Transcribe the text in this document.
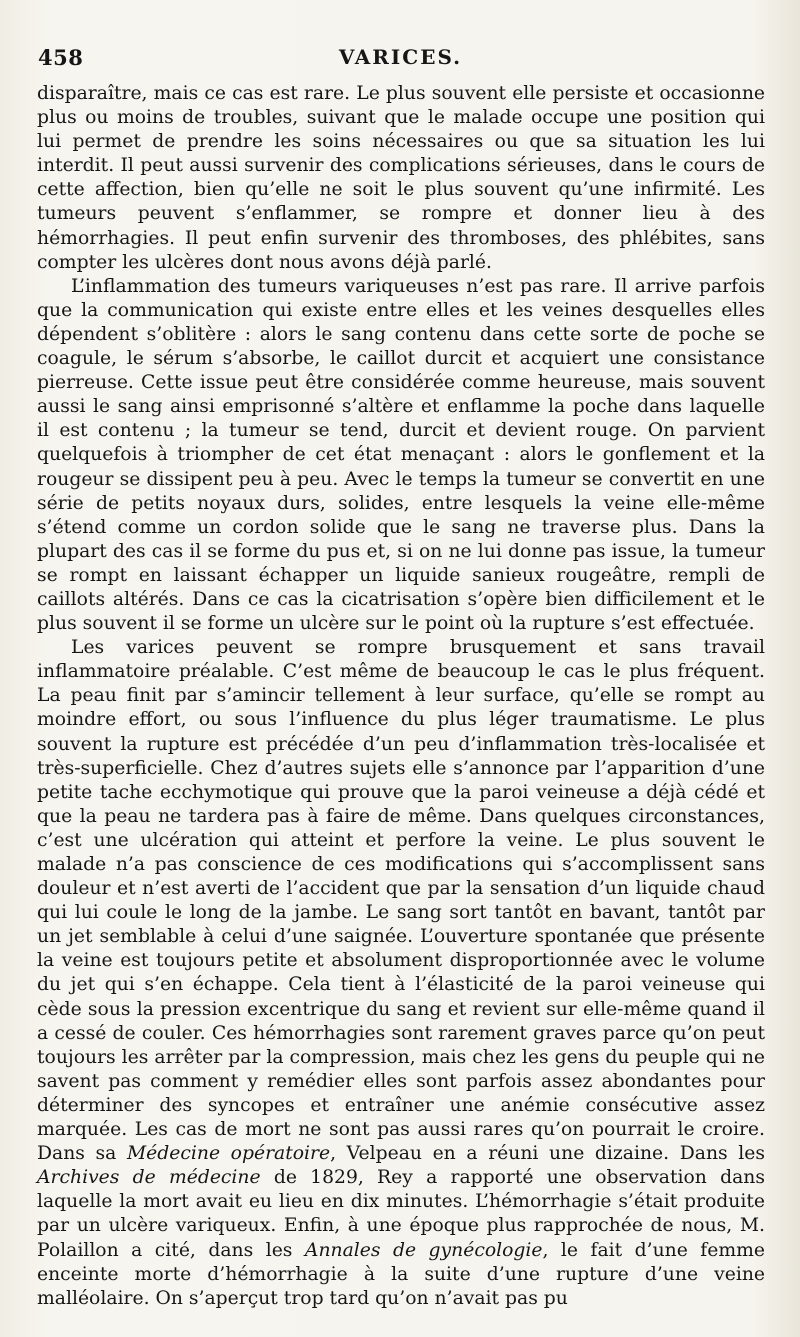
458	VARICES.

disparaître, mais ce cas est rare. Le plus souvent elle persiste et occasionne plus ou moins de troubles, suivant que le malade occupe une position qui lui permet de prendre les soins nécessaires ou que sa situation les lui interdit. Il peut aussi survenir des complications sérieuses, dans le cours de cette affection, bien qu’elle ne soit le plus souvent qu’une infirmité. Les tumeurs peuvent s’enflammer, se rompre et donner lieu à des hémorrhagies. Il peut enfin survenir des thromboses, des phlébites, sans compter les ulcères dont nous avons déjà parlé.

L’inflammation des tumeurs variqueuses n’est pas rare. Il arrive parfois que la communication qui existe entre elles et les veines desquelles elles dépendent s’oblitère : alors le sang contenu dans cette sorte de poche se coagule, le sérum s’absorbe, le caillot durcit et acquiert une consistance pierreuse. Cette issue peut être considérée comme heureuse, mais souvent aussi le sang ainsi emprisonné s’altère et enflamme la poche dans laquelle il est contenu ; la tumeur se tend, durcit et devient rouge. On parvient quelquefois à triompher de cet état menaçant : alors le gonflement et la rougeur se dissipent peu à peu. Avec le temps la tumeur se convertit en une série de petits noyaux durs, solides, entre lesquels la veine elle-même s’étend comme un cordon solide que le sang ne traverse plus. Dans la plupart des cas il se forme du pus et, si on ne lui donne pas issue, la tumeur se rompt en laissant échapper un liquide sanieux rougeâtre, rempli de caillots altérés. Dans ce cas la cicatrisation s’opère bien difficilement et le plus souvent il se forme un ulcère sur le point où la rupture s’est effectuée.

Les varices peuvent se rompre brusquement et sans travail inflammatoire préalable. C’est même de beaucoup le cas le plus fréquent. La peau finit par s’amincir tellement à leur surface, qu’elle se rompt au moindre effort, ou sous l’influence du plus léger traumatisme. Le plus souvent la rupture est précédée d’un peu d’inflammation très-localisée et très-superficielle. Chez d’autres sujets elle s’annonce par l’apparition d’une petite tache ecchymotique qui prouve que la paroi veineuse a déjà cédé et que la peau ne tardera pas à faire de même. Dans quelques circonstances, c’est une ulcération qui atteint et perfore la veine. Le plus souvent le malade n’a pas conscience de ces modifications qui s’accomplissent sans douleur et n’est averti de l’accident que par la sensation d’un liquide chaud qui lui coule le long de la jambe. Le sang sort tantôt en bavant, tantôt par un jet semblable à celui d’une saignée. L’ouverture spontanée que présente la veine est toujours petite et absolument disproportionnée avec le volume du jet qui s’en échappe. Cela tient à l’élasticité de la paroi veineuse qui cède sous la pression excentrique du sang et revient sur elle-même quand il a cessé de couler. Ces hémorrhagies sont rarement graves parce qu’on peut toujours les arrêter par la compression, mais chez les gens du peuple qui ne savent pas comment y remédier elles sont parfois assez abondantes pour déterminer des syncopes et entraîner une anémie consécutive assez marquée. Les cas de mort ne sont pas aussi rares qu’on pourrait le croire. Dans sa Médecine opératoire, Velpeau en a réuni une dizaine. Dans les Archives de médecine de 1829, Rey a rapporté une observation dans laquelle la mort avait eu lieu en dix minutes. L’hémorrhagie s’était produite par un ulcère variqueux. Enfin, à une époque plus rapprochée de nous, M. Polaillon a cité, dans les Annales de gynécologie, le fait d’une femme enceinte morte d’hémorrhagie à la suite d’une rupture d’une veine malléolaire. On s’aperçut trop tard qu’on n’avait pas pu
